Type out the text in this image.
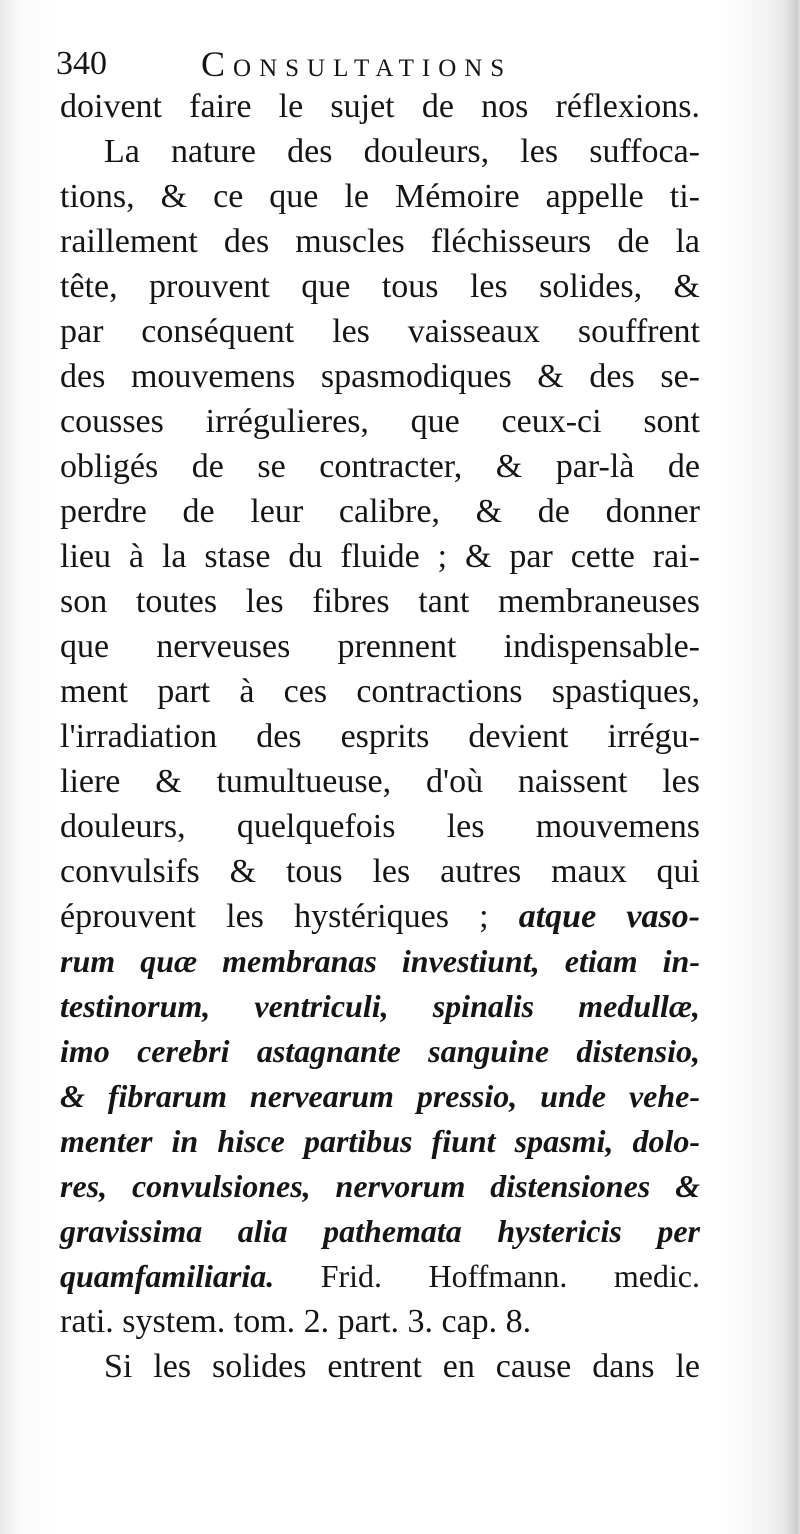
340	Consultations
doivent faire le sujet de nos réflexions.
La nature des douleurs, les suffoca-
tions, & ce que le Mémoire appelle ti-
raillement des muscles fléchisseurs de la
tête, prouvent que tous les solides, &
par conséquent les vaisseaux souffrent
des mouvemens spasmodiques & des se-
cousses irrégulieres, que ceux-ci sont
obligés de se contracter, & par-là de
perdre de leur calibre, & de donner
lieu à la stase du fluide ; & par cette rai-
son toutes les fibres tant membraneuses
que nerveuses prennent indispensable-
ment part à ces contractions spastiques,
l'irradiation des esprits devient irrégu-
liere & tumultueuse, d'où naissent les
douleurs, quelquefois les mouvemens
convulsifs & tous les autres maux qui
éprouvent les hystériques ; atque vaso-
rum quæ membranas investiunt, etiam in-
testinorum, ventriculi, spinalis medullæ,
imo cerebri astagnante sanguine distensio,
& fibrarum nervearum pressio, unde vehe-
menter in hisce partibus fiunt spasmi, dolo-
res, convulsiones, nervorum distensiones &
gravissima alia pathemata hystericis per
quamfamiliaria. Frid. Hoffmann. medic.
rati. system. tom. 2. part. 3. cap. 8.
Si les solides entrent en cause dans le
